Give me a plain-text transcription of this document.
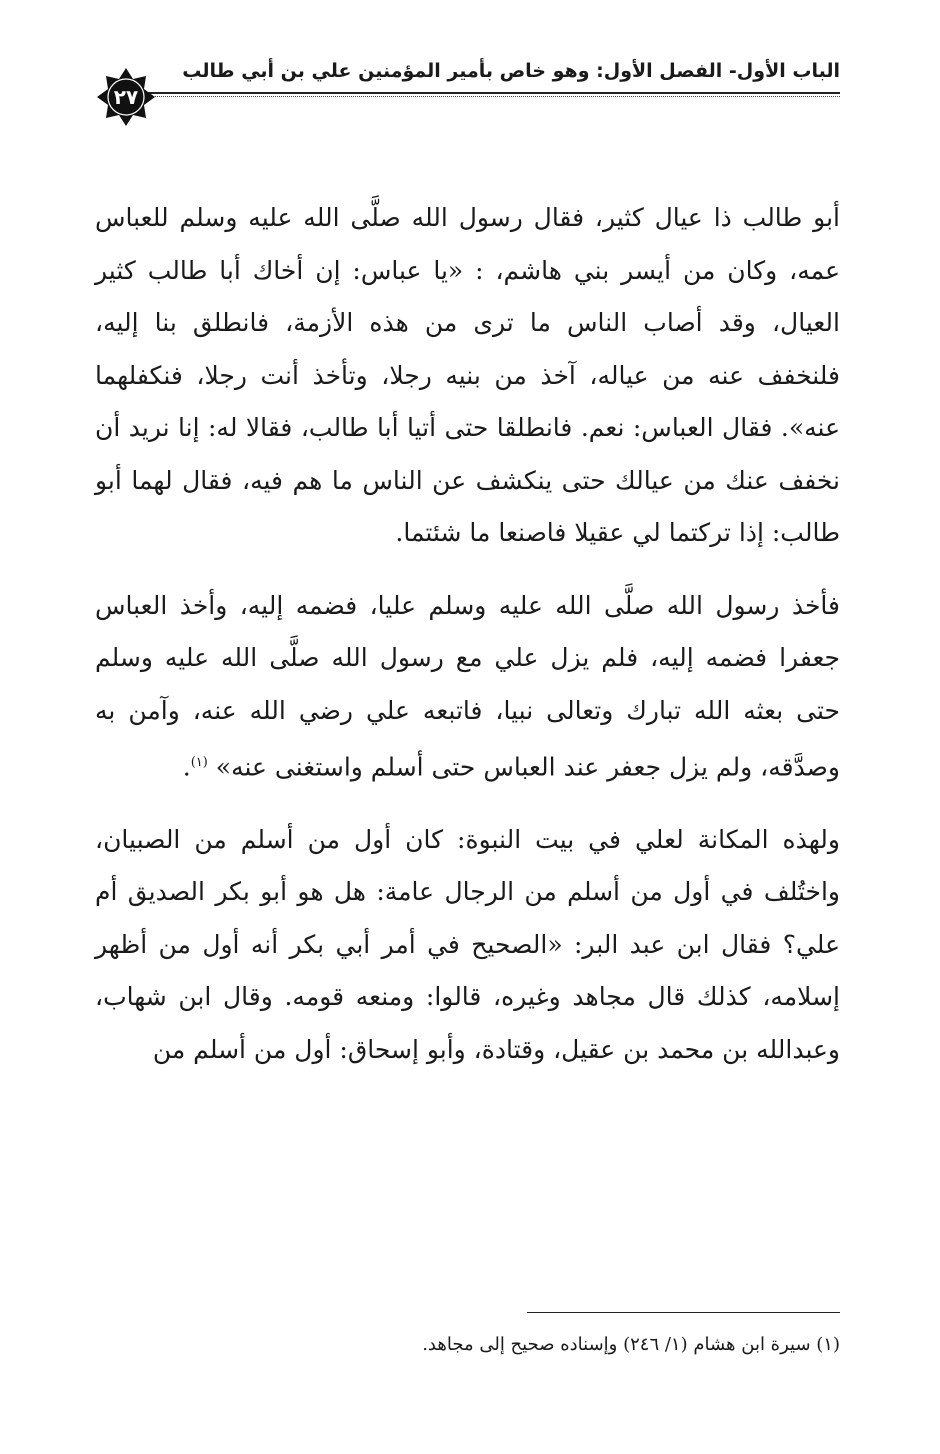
الباب الأول- الفصل الأول: وهو خاص بأمير المؤمنين علي بن أبي طالب
٢٧

أبو طالب ذا عيال كثير، فقال رسول الله صلَّى الله عليه وسلم للعباس عمه، وكان من أيسر بني هاشم، : «يا عباس: إن أخاك أبا طالب كثير العيال، وقد أصاب الناس ما ترى من هذه الأزمة، فانطلق بنا إليه، فلنخفف عنه من عياله، آخذ من بنيه رجلا، وتأخذ أنت رجلا، فنكفلهما عنه». فقال العباس: نعم. فانطلقا حتى أتيا أبا طالب، فقالا له: إنا نريد أن نخفف عنك من عيالك حتى ينكشف عن الناس ما هم فيه، فقال لهما أبو طالب: إذا تركتما لي عقيلا فاصنعا ما شئتما.

فأخذ رسول الله صلَّى الله عليه وسلم عليا، فضمه إليه، وأخذ العباس جعفرا فضمه إليه، فلم يزل علي مع رسول الله صلَّى الله عليه وسلم حتى بعثه الله تبارك وتعالى نبيا، فاتبعه علي رضي الله عنه، وآمن به وصدَّقه، ولم يزل جعفر عند العباس حتى أسلم واستغنى عنه» $^{(١)}$.

ولهذه المكانة لعلي في بيت النبوة: كان أول من أسلم من الصبيان، واختُلف في أول من أسلم من الرجال عامة: هل هو أبو بكر الصديق أم علي؟ فقال ابن عبد البر: «الصحيح في أمر أبي بكر أنه أول من أظهر إسلامه، كذلك قال مجاهد وغيره، قالوا: ومنعه قومه. وقال ابن شهاب، وعبدالله بن محمد بن عقيل، وقتادة، وأبو إسحاق: أول من أسلم من

(١) سيرة ابن هشام (١/ ٢٤٦) وإسناده صحيح إلى مجاهد.
